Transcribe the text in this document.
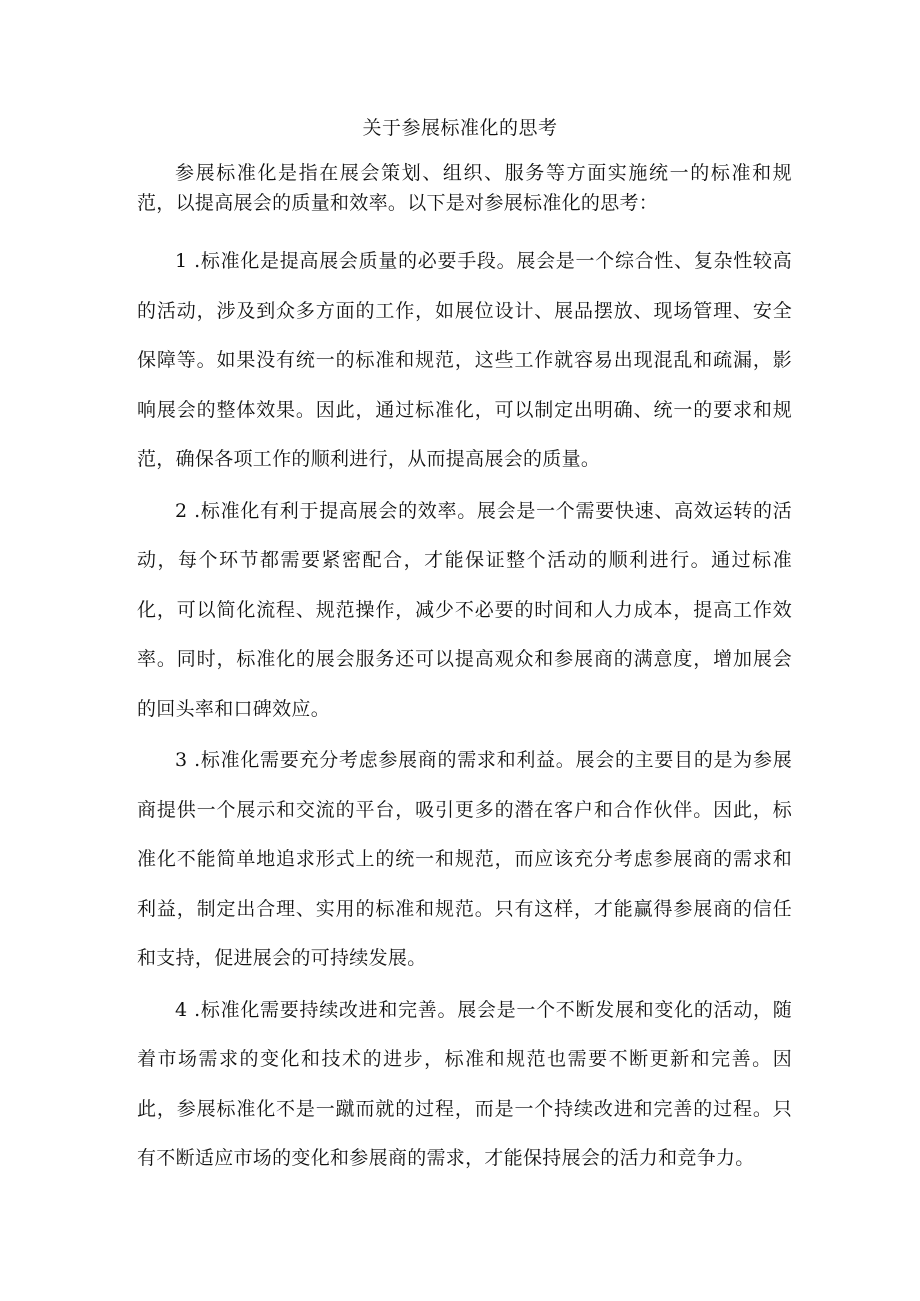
关于参展标准化的思考

参展标准化是指在展会策划、组织、服务等方面实施统一的标准和规范，以提高展会的质量和效率。以下是对参展标准化的思考：

1 .标准化是提高展会质量的必要手段。展会是一个综合性、复杂性较高的活动，涉及到众多方面的工作，如展位设计、展品摆放、现场管理、安全保障等。如果没有统一的标准和规范，这些工作就容易出现混乱和疏漏，影响展会的整体效果。因此，通过标准化，可以制定出明确、统一的要求和规范，确保各项工作的顺利进行，从而提高展会的质量。

2 .标准化有利于提高展会的效率。展会是一个需要快速、高效运转的活动，每个环节都需要紧密配合，才能保证整个活动的顺利进行。通过标准化，可以简化流程、规范操作，减少不必要的时间和人力成本，提高工作效率。同时，标准化的展会服务还可以提高观众和参展商的满意度，增加展会的回头率和口碑效应。

3 .标准化需要充分考虑参展商的需求和利益。展会的主要目的是为参展商提供一个展示和交流的平台，吸引更多的潜在客户和合作伙伴。因此，标准化不能简单地追求形式上的统一和规范，而应该充分考虑参展商的需求和利益，制定出合理、实用的标准和规范。只有这样，才能赢得参展商的信任和支持，促进展会的可持续发展。

4 .标准化需要持续改进和完善。展会是一个不断发展和变化的活动，随着市场需求的变化和技术的进步，标准和规范也需要不断更新和完善。因此，参展标准化不是一蹴而就的过程，而是一个持续改进和完善的过程。只有不断适应市场的变化和参展商的需求，才能保持展会的活力和竞争力。
